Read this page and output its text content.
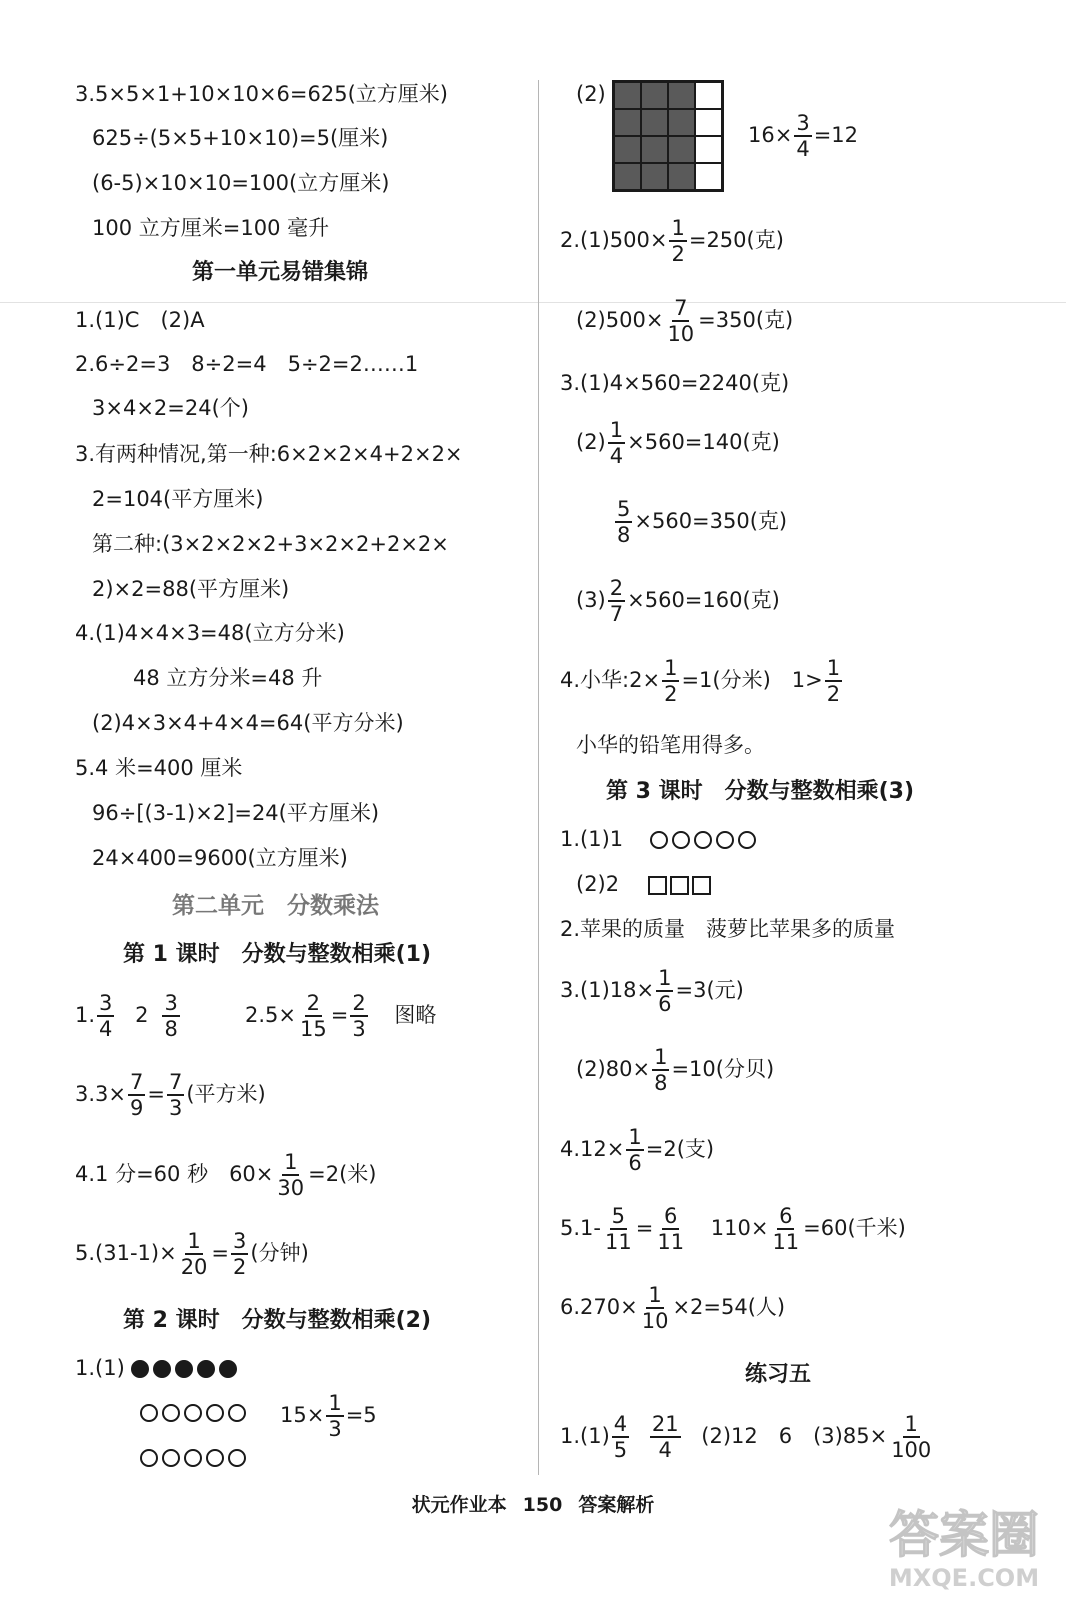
3.5×5×1+10×10×6=625(立方厘米)
625÷(5×5+10×10)=5(厘米)
(6-5)×10×10=100(立方厘米)
100 立方厘米=100 毫升
第一单元易错集锦
1.(1)C　(2)A
2.6÷2=3　8÷2=4　5÷2=2……1
3×4×2=24(个)
3.有两种情况,第一种:6×2×2×4+2×2×
2=104(平方厘米)
第二种:(3×2×2×2+3×2×2+2×2×
2)×2=88(平方厘米)
4.(1)4×4×3=48(立方分米)
48 立方分米=48 升
(2)4×3×4+4×4=64(平方分米)
5.4 米=400 厘米
96÷[(3-1)×2]=24(平方厘米)
24×400=9600(立方厘米)
第二单元　分数乘法
第 1 课时　分数与整数相乘(1)
1. $\frac{3}{4} 2 \frac{3}{8}$	$2.5\times \frac{2}{15} = \frac{2}{3}$ 图略
$3.3\times \frac{7}{9} = \frac{7}{3}$ (平方米)
4.1 分=60 秒　$60\times \frac{1}{30} =2$(米)
$5.(31-1)\times \frac{1}{20} = \frac{3}{2}$ (分钟)
第 2 课时　分数与整数相乘(2)
1.(1)
$15\times \frac{1}{3} =5$
(2)
$16\times \frac{3}{4} =12$
$2.(1)500\times \frac{1}{2} =250$(克)
$(2)500\times \frac{7}{10} =350$(克)
3.(1)4×560=2240(克)
$(2) \frac{1}{4} \times 560=140$(克)
$\frac{5}{8} \times 560=350$(克)
$(3) \frac{2}{7} \times 560=160$(克)
4.小华:2× $\frac{1}{2} =1$(分米)　$1> \frac{1}{2}$
小华的铅笔用得多。
第 3 课时　分数与整数相乘(3)
1.(1)1
(2)2
2.苹果的质量　菠萝比苹果多的质量
$3.(1)18\times \frac{1}{6} =3$(元)
$(2)80\times \frac{1}{8} =10$(分贝)
$4.12\times \frac{1}{6} =2$(支)
$5.1- \frac{5}{11} = \frac{6}{11} 110\times \frac{6}{11} =60$(千米)
$6.270\times \frac{1}{10} \times 2=54$(人)
练习五
$1.(1) \frac{4}{5}$
$\frac{21}{4} (2)12$　6　$(3)85\times \frac{1}{100}$
状元作业本 150 答案解析
答案圈
MXQE.COM
